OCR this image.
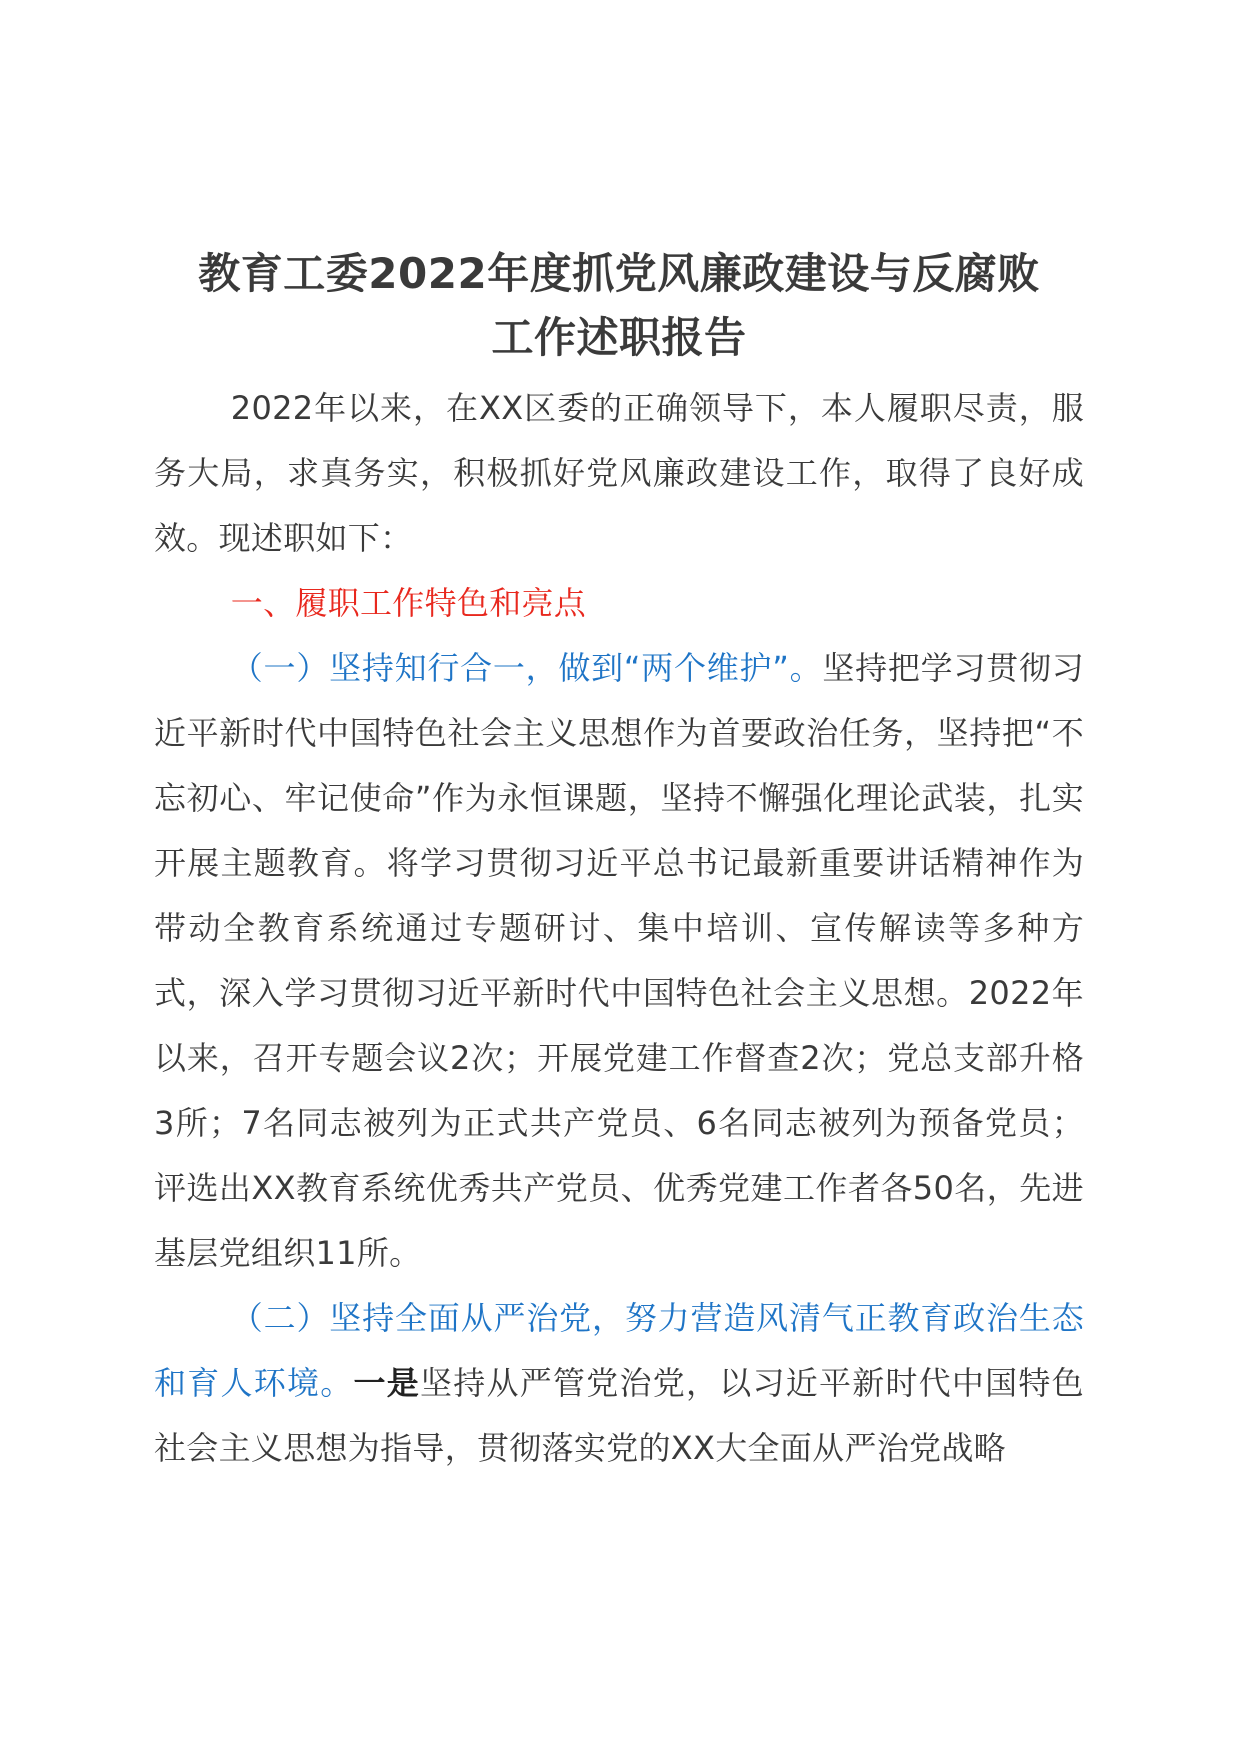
教育工委2022年度抓党风廉政建设与反腐败
工作述职报告

2022年以来，在XX区委的正确领导下，本人履职尽责，服务大局，求真务实，积极抓好党风廉政建设工作，取得了良好成效。现述职如下：

一、履职工作特色和亮点

（一）坚持知行合一，做到“两个维护”。坚持把学习贯彻习近平新时代中国特色社会主义思想作为首要政治任务，坚持把“不忘初心、牢记使命”作为永恒课题，坚持不懈强化理论武装，扎实开展主题教育。将学习贯彻习近平总书记最新重要讲话精神作为带动全教育系统通过专题研讨、集中培训、宣传解读等多种方式，深入学习贯彻习近平新时代中国特色社会主义思想。2022年以来，召开专题会议2次；开展党建工作督查2次；党总支部升格3所；7名同志被列为正式共产党员、6名同志被列为预备党员；评选出XX教育系统优秀共产党员、优秀党建工作者各50名，先进基层党组织11所。

（二）坚持全面从严治党，努力营造风清气正教育政治生态和育人环境。一是坚持从严管党治党，以习近平新时代中国特色社会主义思想为指导，贯彻落实党的XX大全面从严治党战略
